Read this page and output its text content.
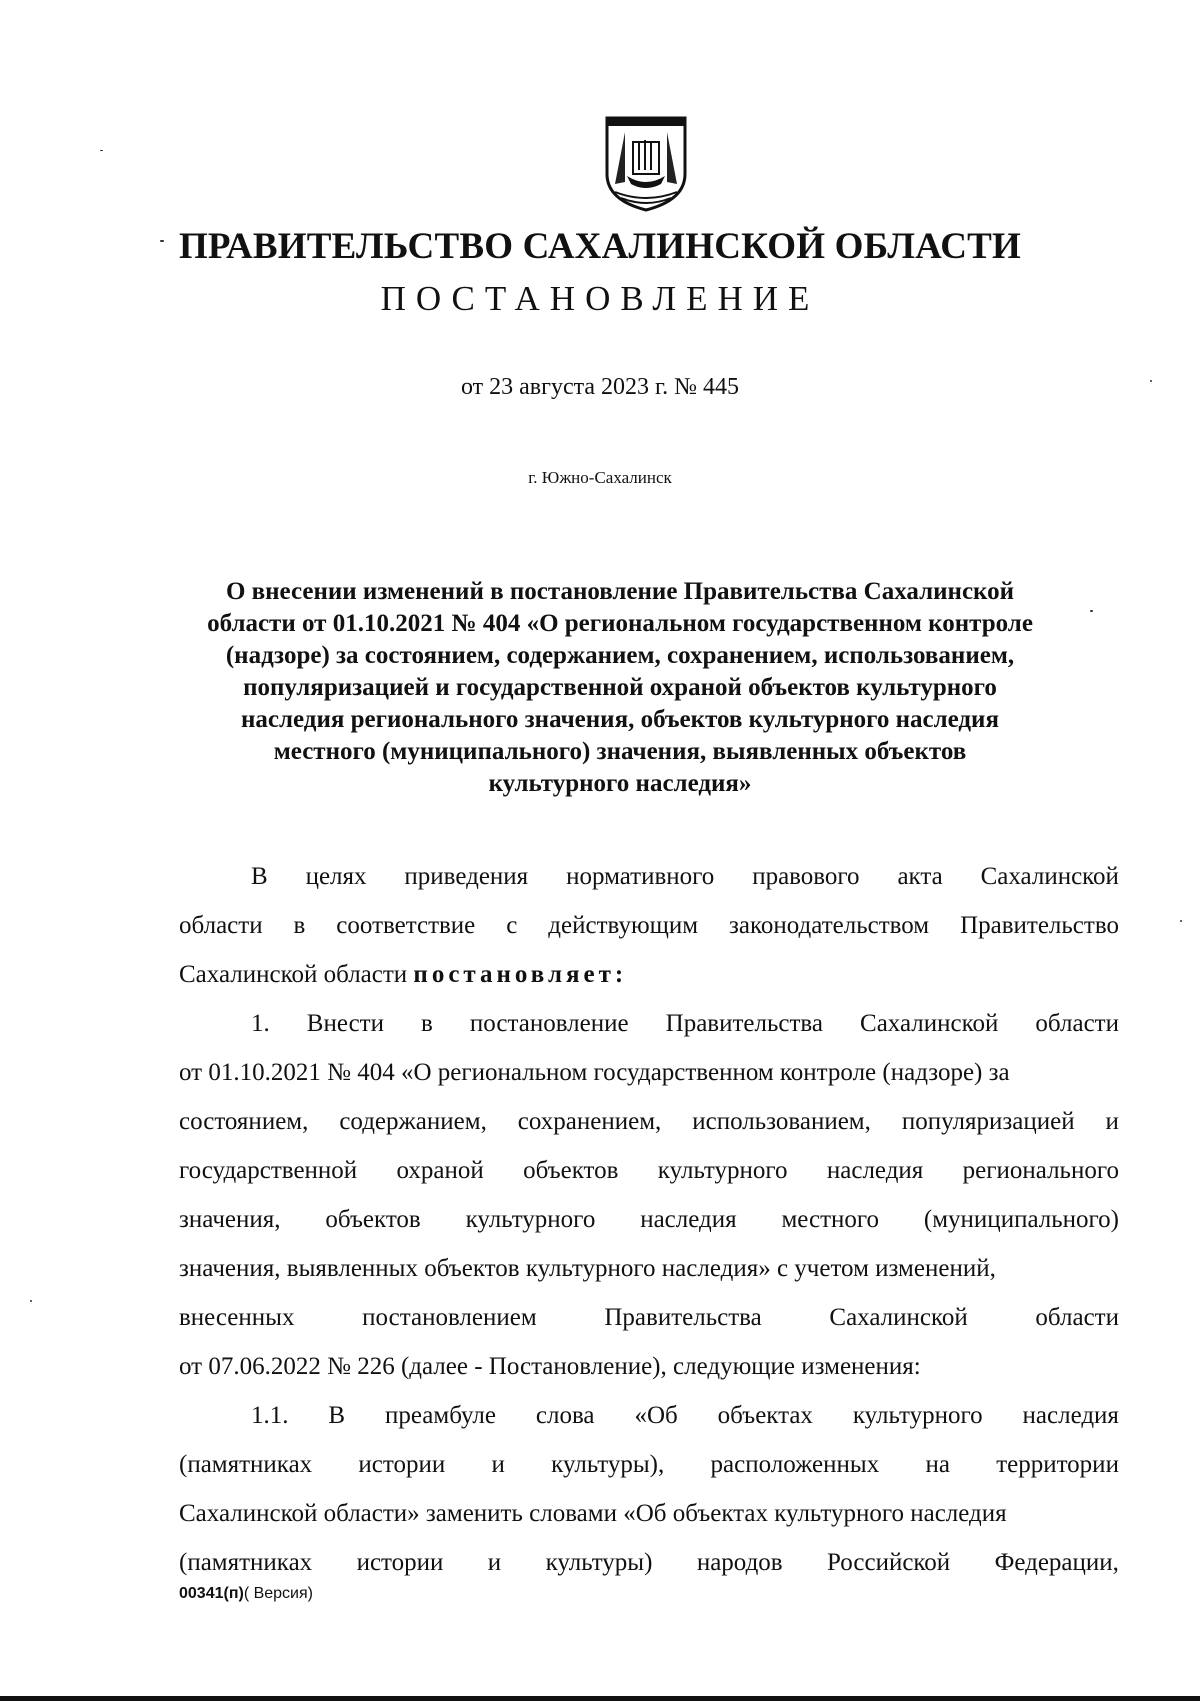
ПРАВИТЕЛЬСТВО САХАЛИНСКОЙ ОБЛАСТИ
ПОСТАНОВЛЕНИЕ
от 23 августа 2023 г. № 445
г. Южно-Сахалинск
О внесении изменений в постановление Правительства Сахалинской
области от 01.10.2021 № 404 «О региональном государственном контроле
(надзоре) за состоянием, содержанием, сохранением, использованием,
популяризацией и государственной охраной объектов культурного
наследия регионального значения, объектов культурного наследия
местного (муниципального) значения, выявленных объектов
культурного наследия»
В целях приведения нормативного правового акта Сахалинской
области в соответствие с действующим законодательством Правительство
Сахалинской области постановляет:
1. Внести в постановление Правительства Сахалинской области
от 01.10.2021 № 404 «О региональном государственном контроле (надзоре) за
состоянием, содержанием, сохранением, использованием, популяризацией и
государственной охраной объектов культурного наследия регионального
значения, объектов культурного наследия местного (муниципального)
значения, выявленных объектов культурного наследия» с учетом изменений,
внесенных	постановлением	Правительства	Сахалинской	области
от 07.06.2022 № 226 (далее - Постановление), следующие изменения:
1.1. В преамбуле слова «Об объектах культурного наследия
(памятниках истории и культуры), расположенных на территории
Сахалинской области» заменить словами «Об объектах культурного наследия
(памятниках истории и культуры) народов Российской Федерации,
00341(п)( Версия)
